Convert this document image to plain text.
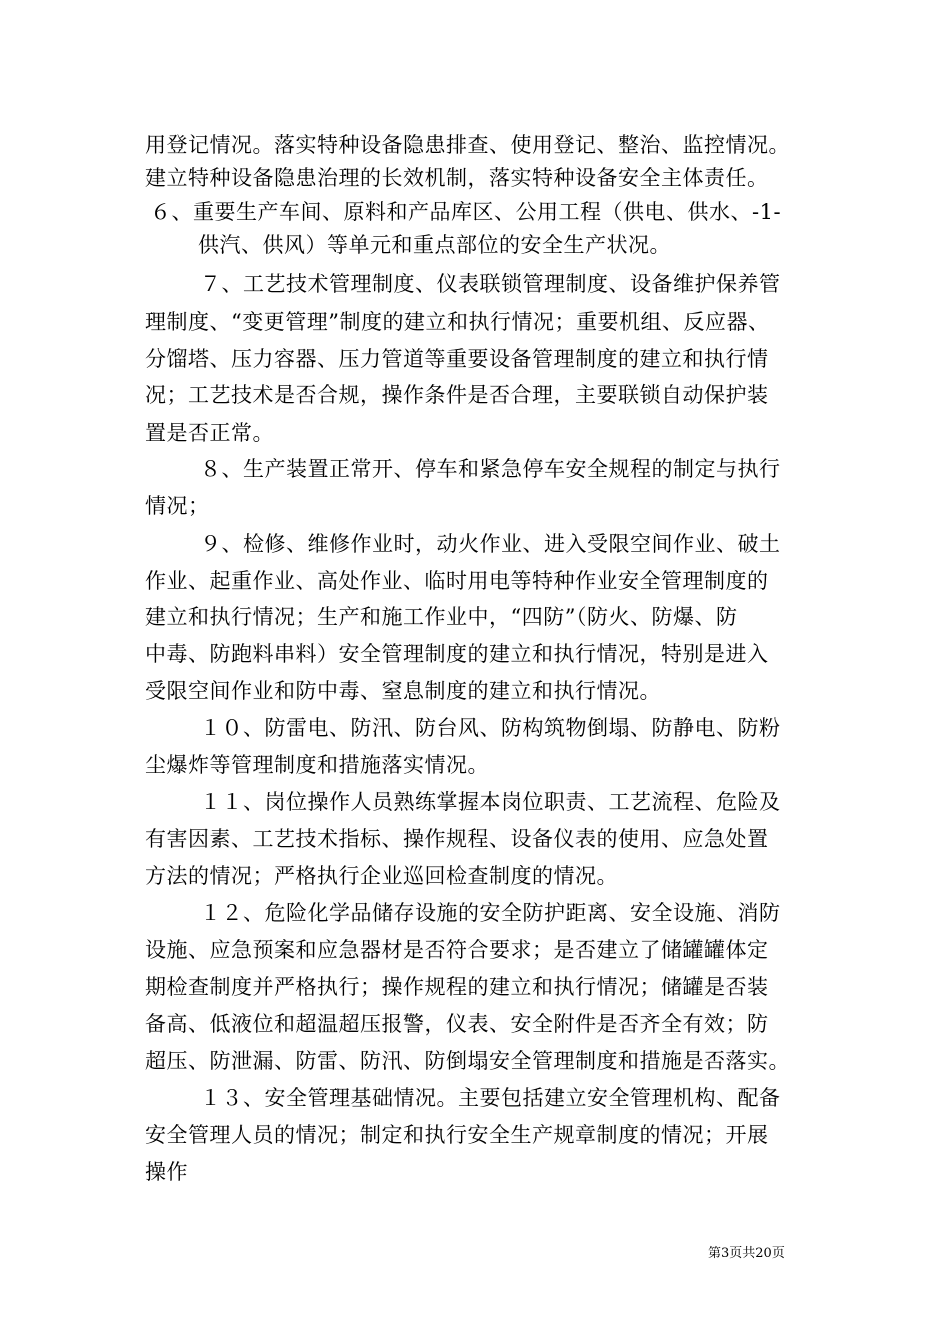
用登记情况。落实特种设备隐患排查、使用登记、整治、监控情况。
建立特种设备隐患治理的长效机制，落实特种设备安全主体责任。
６、重要生产车间、原料和产品库区、公用工程（供电、供水、-1-
供汽、供风）等单元和重点部位的安全生产状况。
７、工艺技术管理制度、仪表联锁管理制度、设备维护保养管
理制度、“变更管理”制度的建立和执行情况；重要机组、反应器、
分馏塔、压力容器、压力管道等重要设备管理制度的建立和执行情
况；工艺技术是否合规，操作条件是否合理，主要联锁自动保护装
置是否正常。
８、生产装置正常开、停车和紧急停车安全规程的制定与执行
情况；
９、检修、维修作业时，动火作业、进入受限空间作业、破土
作业、起重作业、高处作业、临时用电等特种作业安全管理制度的
建立和执行情况；生产和施工作业中，“四防”（防火、防爆、防
中毒、防跑料串料）安全管理制度的建立和执行情况，特别是进入
受限空间作业和防中毒、窒息制度的建立和执行情况。
１０、防雷电、防汛、防台风、防构筑物倒塌、防静电、防粉
尘爆炸等管理制度和措施落实情况。
１１、岗位操作人员熟练掌握本岗位职责、工艺流程、危险及
有害因素、工艺技术指标、操作规程、设备仪表的使用、应急处置
方法的情况；严格执行企业巡回检查制度的情况。
１２、危险化学品储存设施的安全防护距离、安全设施、消防
设施、应急预案和应急器材是否符合要求；是否建立了储罐罐体定
期检查制度并严格执行；操作规程的建立和执行情况；储罐是否装
备高、低液位和超温超压报警，仪表、安全附件是否齐全有效；防
超压、防泄漏、防雷、防汛、防倒塌安全管理制度和措施是否落实。
１３、安全管理基础情况。主要包括建立安全管理机构、配备
安全管理人员的情况；制定和执行安全生产规章制度的情况；开展
操作
第3页共20页
